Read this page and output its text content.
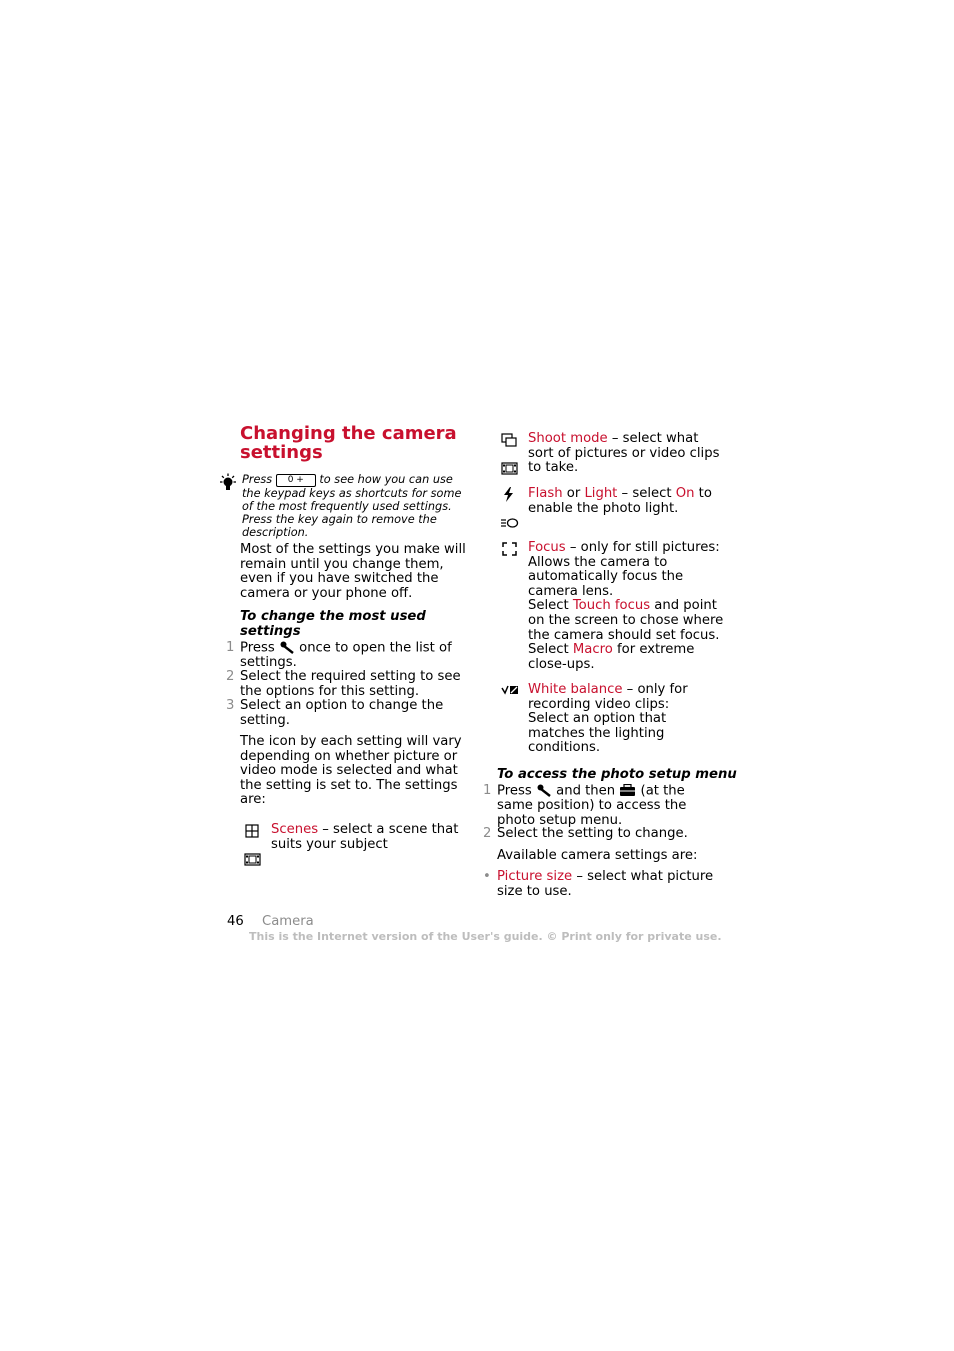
Changing the camera
settings
Press 0 + to see how you can use
the keypad keys as shortcuts for some
of the most frequently used settings.
Press the key again to remove the
description.
Most of the settings you make will
remain until you change them,
even if you have switched the
camera or your phone off.
To change the most used
settings
1 Press once to open the list of
settings.
2 Select the required setting to see
the options for this setting.
3 Select an option to change the
setting.
The icon by each setting will vary
depending on whether picture or
video mode is selected and what
the setting is set to. The settings
are:
Scenes – select a scene that
suits your subject
Shoot mode – select what
sort of pictures or video clips
to take.
Flash or Light – select On to
enable the photo light.
Focus – only for still pictures:
Allows the camera to
automatically focus the
camera lens.
Select Touch focus and point
on the screen to chose where
the camera should set focus.
Select Macro for extreme
close-ups.
White balance – only for
recording video clips:
Select an option that
matches the lighting
conditions.
To access the photo setup menu
1 Press and then (at the
same position) to access the
photo setup menu.
2 Select the setting to change.
Available camera settings are:
• Picture size – select what picture
size to use.
46 Camera
This is the Internet version of the User's guide. © Print only for private use.
